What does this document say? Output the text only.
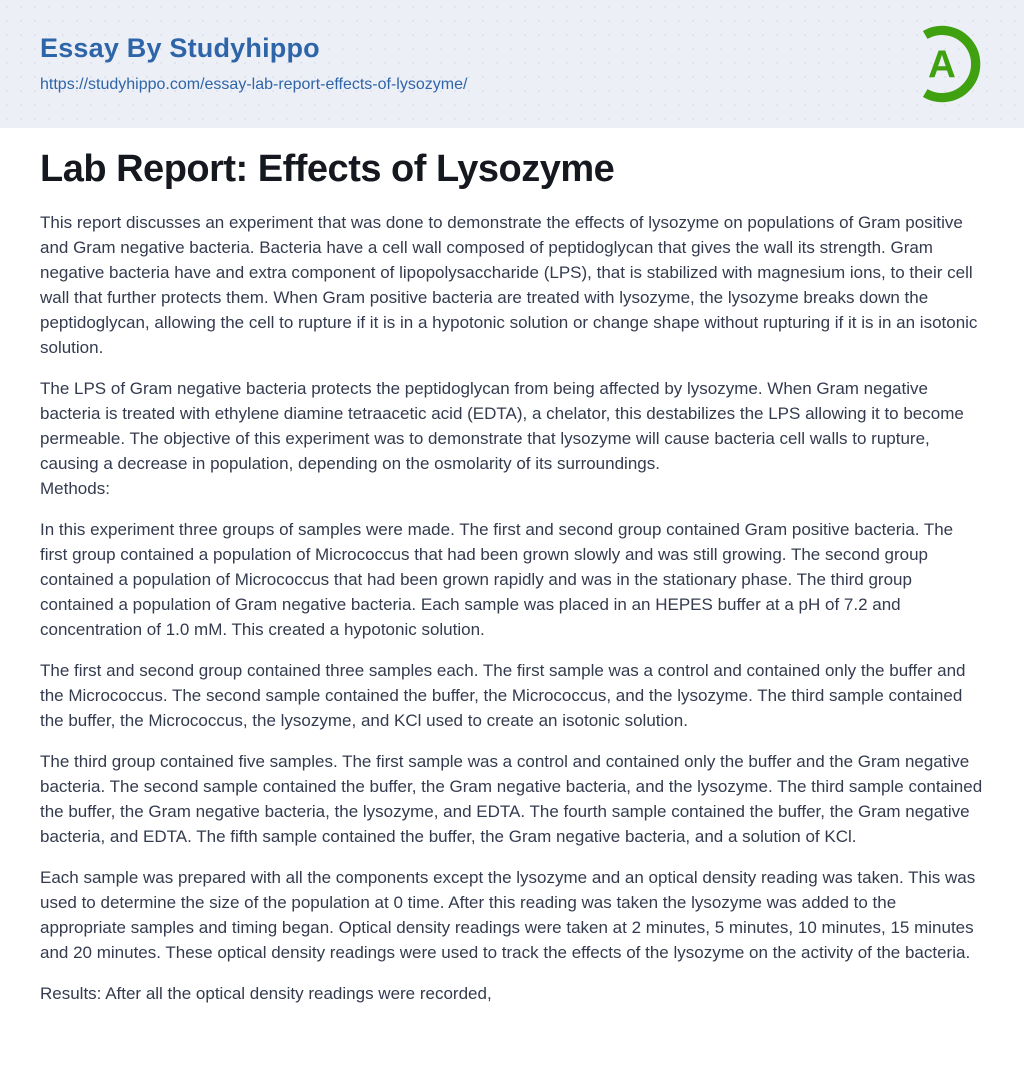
Essay By Studyhippo
https://studyhippo.com/essay-lab-report-effects-of-lysozyme/	A
Lab Report: Effects of Lysozyme

This report discusses an experiment that was done to demonstrate the effects of lysozyme on populations of Gram positive and Gram negative bacteria. Bacteria have a cell wall composed of peptidoglycan that gives the wall its strength. Gram negative bacteria have and extra component of lipopolysaccharide (LPS), that is stabilized with magnesium ions, to their cell wall that further protects them. When Gram positive bacteria are treated with lysozyme, the lysozyme breaks down the peptidoglycan, allowing the cell to rupture if it is in a hypotonic solution or change shape without rupturing if it is in an isotonic solution.

The LPS of Gram negative bacteria protects the peptidoglycan from being affected by lysozyme. When Gram negative bacteria is treated with ethylene diamine tetraacetic acid (EDTA), a chelator, this destabilizes the LPS allowing it to become permeable. The objective of this experiment was to demonstrate that lysozyme will cause bacteria cell walls to rupture, causing a decrease in population, depending on the osmolarity of its surroundings.
Methods:

In this experiment three groups of samples were made. The first and second group contained Gram positive bacteria. The first group contained a population of Micrococcus that had been grown slowly and was still growing. The second group contained a population of Micrococcus that had been grown rapidly and was in the stationary phase. The third group contained a population of Gram negative bacteria. Each sample was placed in an HEPES buffer at a pH of 7.2 and concentration of 1.0 mM. This created a hypotonic solution.

The first and second group contained three samples each. The first sample was a control and contained only the buffer and the Micrococcus. The second sample contained the buffer, the Micrococcus, and the lysozyme. The third sample contained the buffer, the Micrococcus, the lysozyme, and KCl used to create an isotonic solution.

The third group contained five samples. The first sample was a control and contained only the buffer and the Gram negative bacteria. The second sample contained the buffer, the Gram negative bacteria, and the lysozyme. The third sample contained the buffer, the Gram negative bacteria, the lysozyme, and EDTA. The fourth sample contained the buffer, the Gram negative bacteria, and EDTA. The fifth sample contained the buffer, the Gram negative bacteria, and a solution of KCl.

Each sample was prepared with all the components except the lysozyme and an optical density reading was taken. This was used to determine the size of the population at 0 time. After this reading was taken the lysozyme was added to the appropriate samples and timing began. Optical density readings were taken at 2 minutes, 5 minutes, 10 minutes, 15 minutes and 20 minutes. These optical density readings were used to track the effects of the lysozyme on the activity of the bacteria.

Results: After all the optical density readings were recorded,
